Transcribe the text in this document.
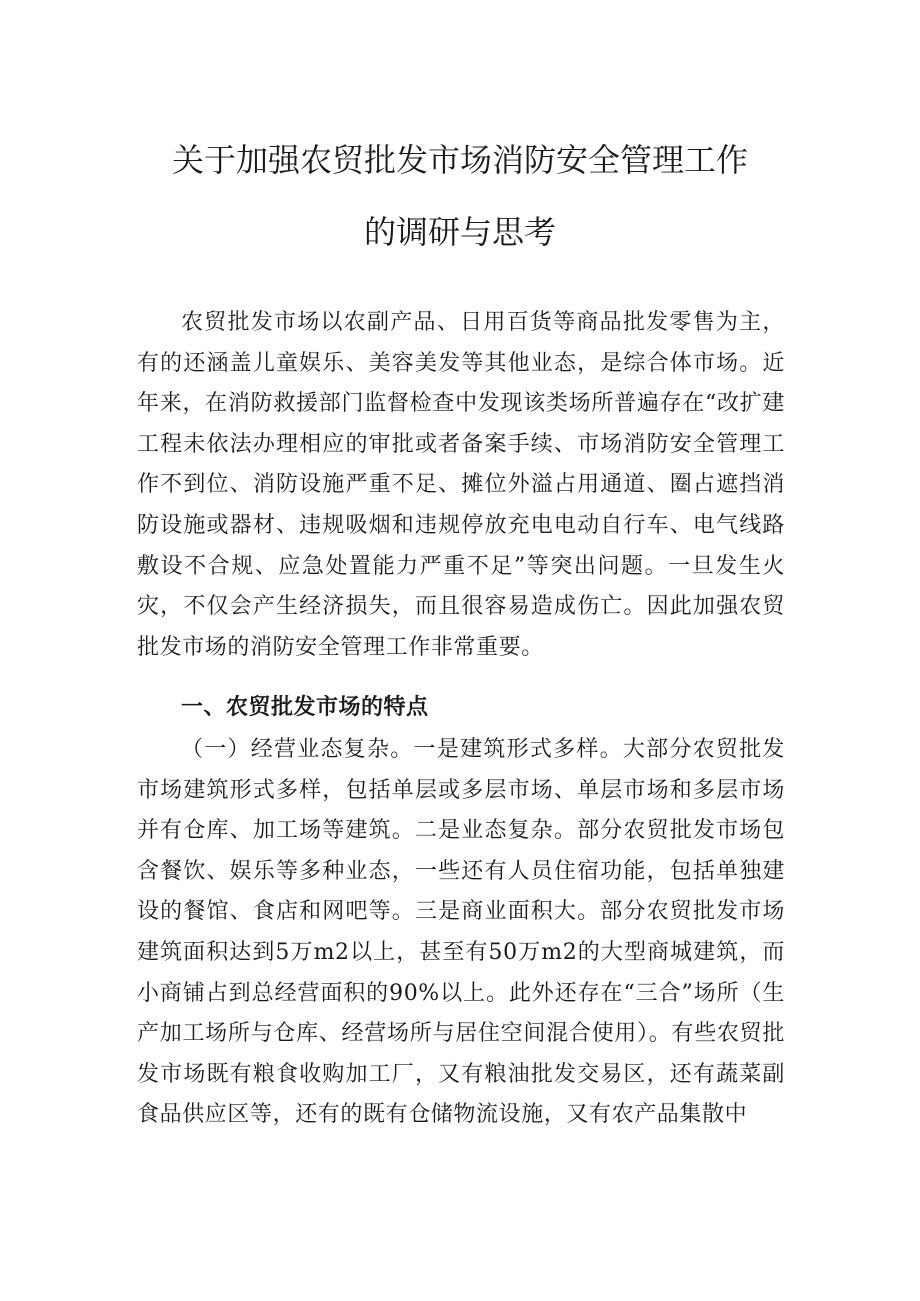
关于加强农贸批发市场消防安全管理工作
的调研与思考

农贸批发市场以农副产品、日用百货等商品批发零售为主，有的还涵盖儿童娱乐、美容美发等其他业态，是综合体市场。近年来，在消防救援部门监督检查中发现该类场所普遍存在“改扩建工程未依法办理相应的审批或者备案手续、市场消防安全管理工作不到位、消防设施严重不足、摊位外溢占用通道、圈占遮挡消防设施或器材、违规吸烟和违规停放充电电动自行车、电气线路敷设不合规、应急处置能力严重不足”等突出问题。一旦发生火灾，不仅会产生经济损失，而且很容易造成伤亡。因此加强农贸批发市场的消防安全管理工作非常重要。

一、农贸批发市场的特点

（一）经营业态复杂。一是建筑形式多样。大部分农贸批发市场建筑形式多样，包括单层或多层市场、单层市场和多层市场并有仓库、加工场等建筑。二是业态复杂。部分农贸批发市场包含餐饮、娱乐等多种业态，一些还有人员住宿功能，包括单独建设的餐馆、食店和网吧等。三是商业面积大。部分农贸批发市场建筑面积达到5万m2以上，甚至有50万m2的大型商城建筑，而小商铺占到总经营面积的90%以上。此外还存在“三合”场所（生产加工场所与仓库、经营场所与居住空间混合使用）。有些农贸批发市场既有粮食收购加工厂，又有粮油批发交易区，还有蔬菜副食品供应区等，还有的既有仓储物流设施，又有农产品集散中
